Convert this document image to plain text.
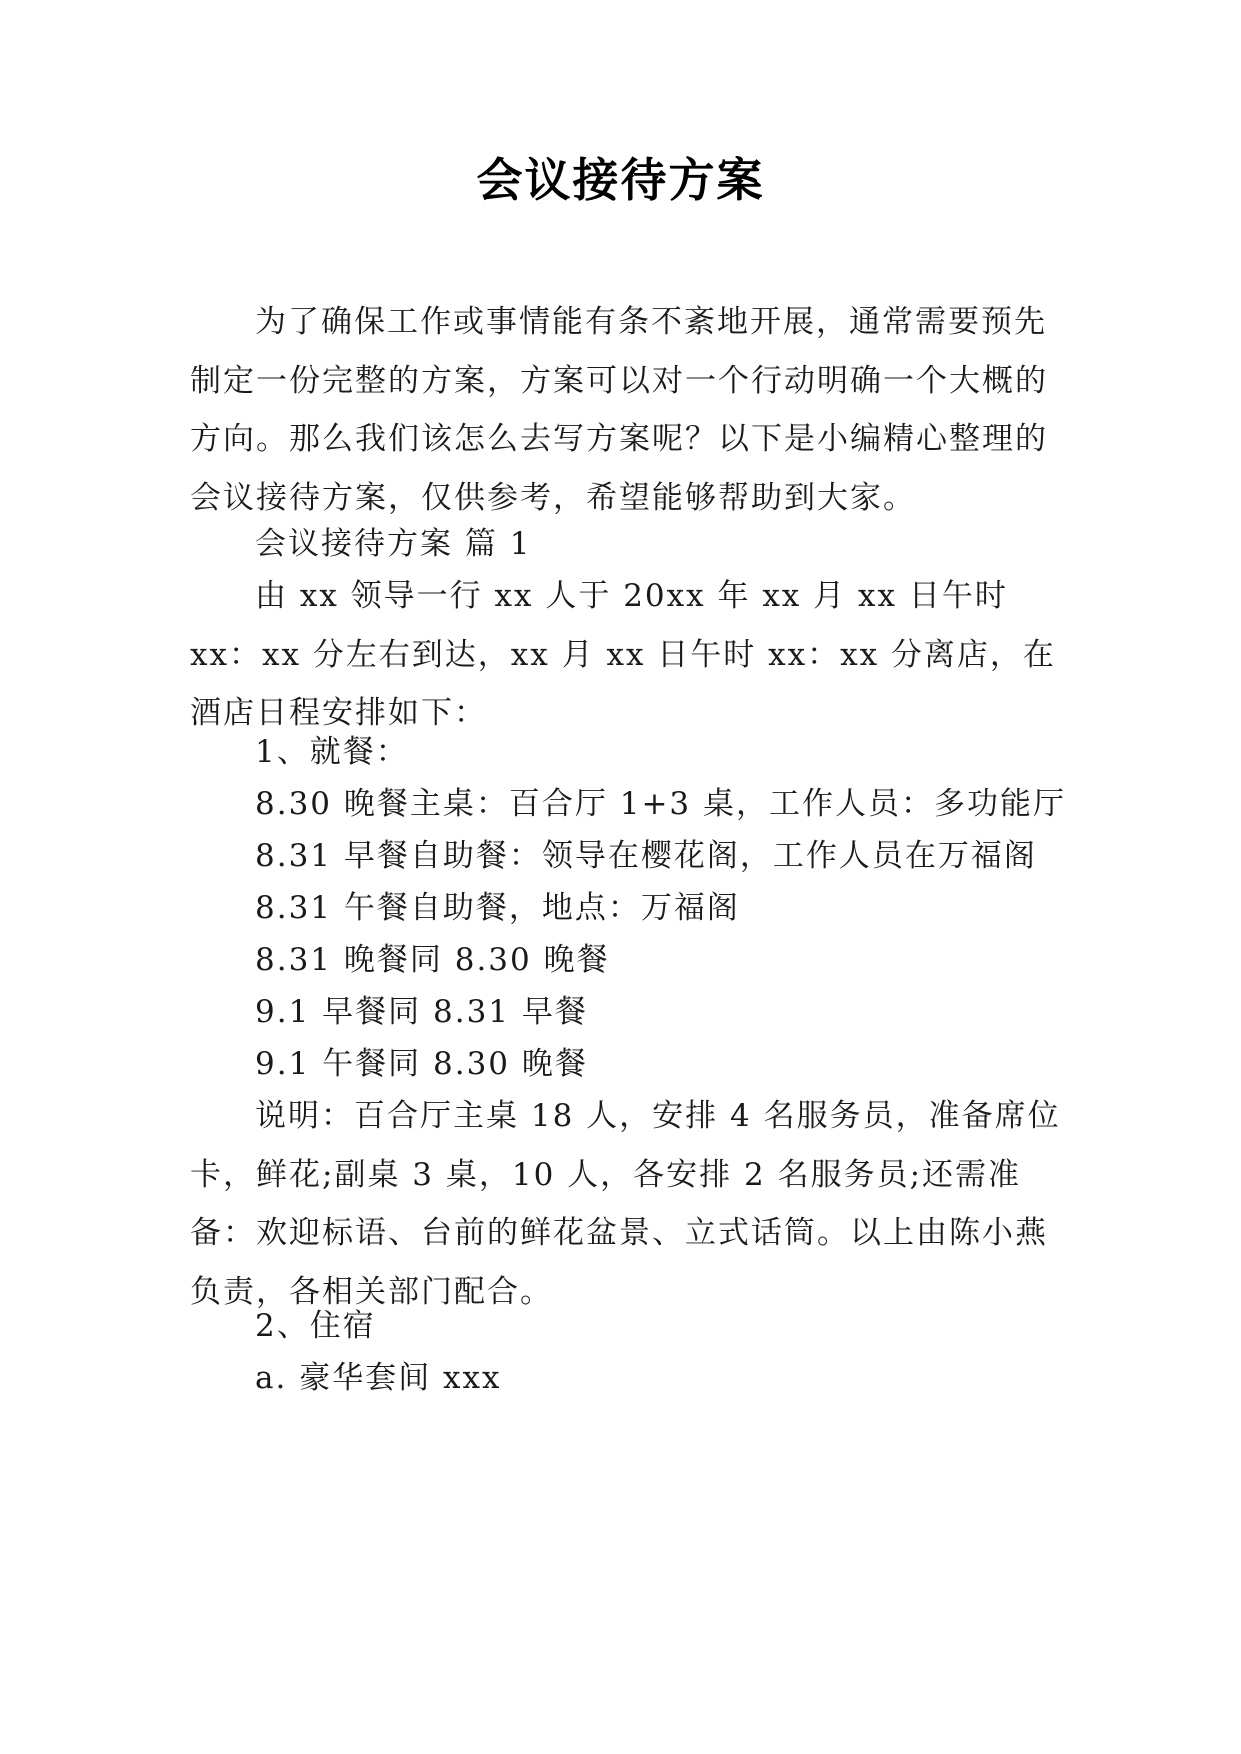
会议接待方案

为了确保工作或事情能有条不紊地开展，通常需要预先制定一份完整的方案，方案可以对一个行动明确一个大概的方向。那么我们该怎么去写方案呢？以下是小编精心整理的会议接待方案，仅供参考，希望能够帮助到大家。

会议接待方案 篇 1

由 xx 领导一行 xx 人于 20xx 年 xx 月 xx 日午时 xx：xx 分左右到达，xx 月 xx 日午时 xx：xx 分离店，在酒店日程安排如下：

1、就餐：
8.30 晚餐主桌：百合厅 1+3 桌，工作人员：多功能厅
8.31 早餐自助餐：领导在樱花阁，工作人员在万福阁
8.31 午餐自助餐，地点：万福阁
8.31 晚餐同 8.30 晚餐
9.1 早餐同 8.31 早餐
9.1 午餐同 8.30 晚餐

说明：百合厅主桌 18 人，安排 4 名服务员，准备席位卡，鲜花;副桌 3 桌，10 人，各安排 2 名服务员;还需准备：欢迎标语、台前的鲜花盆景、立式话筒。以上由陈小燕负责，各相关部门配合。

2、住宿
a. 豪华套间 xxx
